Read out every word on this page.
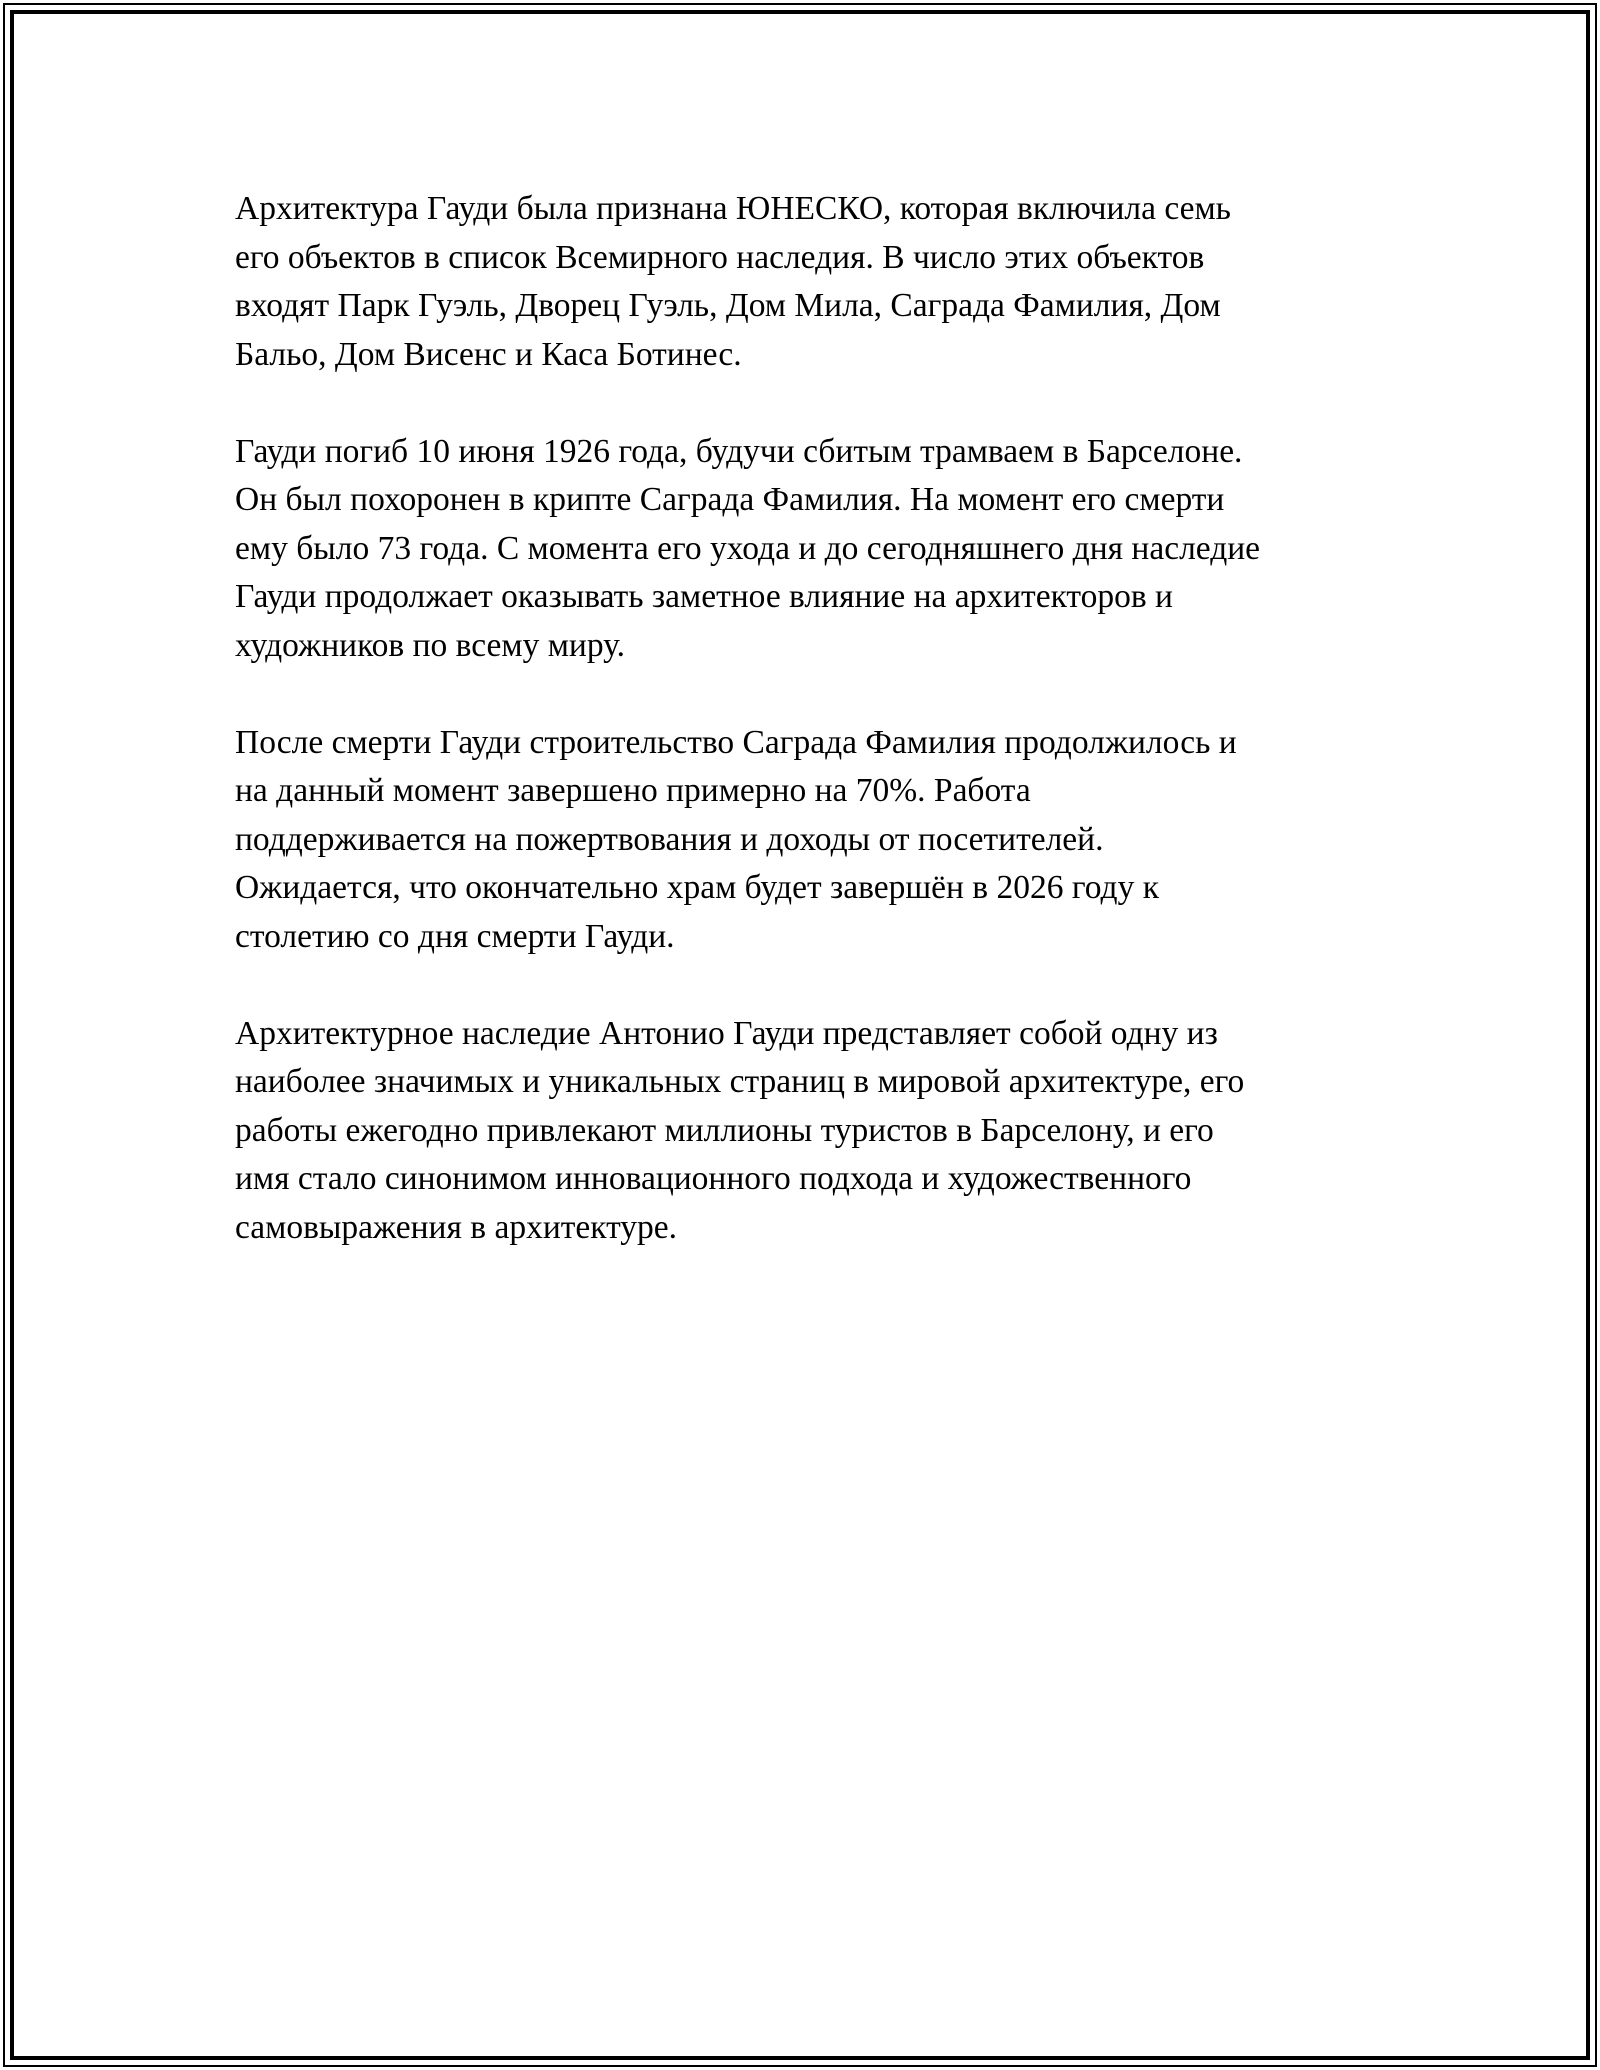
Архитектура Гауди была признана ЮНЕСКО, которая включила семь
его объектов в список Всемирного наследия. В число этих объектов
входят Парк Гуэль, Дворец Гуэль, Дом Мила, Саграда Фамилия, Дом
Бальо, Дом Висенс и Каса Ботинес.

Гауди погиб 10 июня 1926 года, будучи сбитым трамваем в Барселоне.
Он был похоронен в крипте Саграда Фамилия. На момент его смерти
ему было 73 года. С момента его ухода и до сегодняшнего дня наследие
Гауди продолжает оказывать заметное влияние на архитекторов и
художников по всему миру.

После смерти Гауди строительство Саграда Фамилия продолжилось и
на данный момент завершено примерно на 70%. Работа
поддерживается на пожертвования и доходы от посетителей.
Ожидается, что окончательно храм будет завершён в 2026 году к
столетию со дня смерти Гауди.

Архитектурное наследие Антонио Гауди представляет собой одну из
наиболее значимых и уникальных страниц в мировой архитектуре, его
работы ежегодно привлекают миллионы туристов в Барселону, и его
имя стало синонимом инновационного подхода и художественного
самовыражения в архитектуре.
